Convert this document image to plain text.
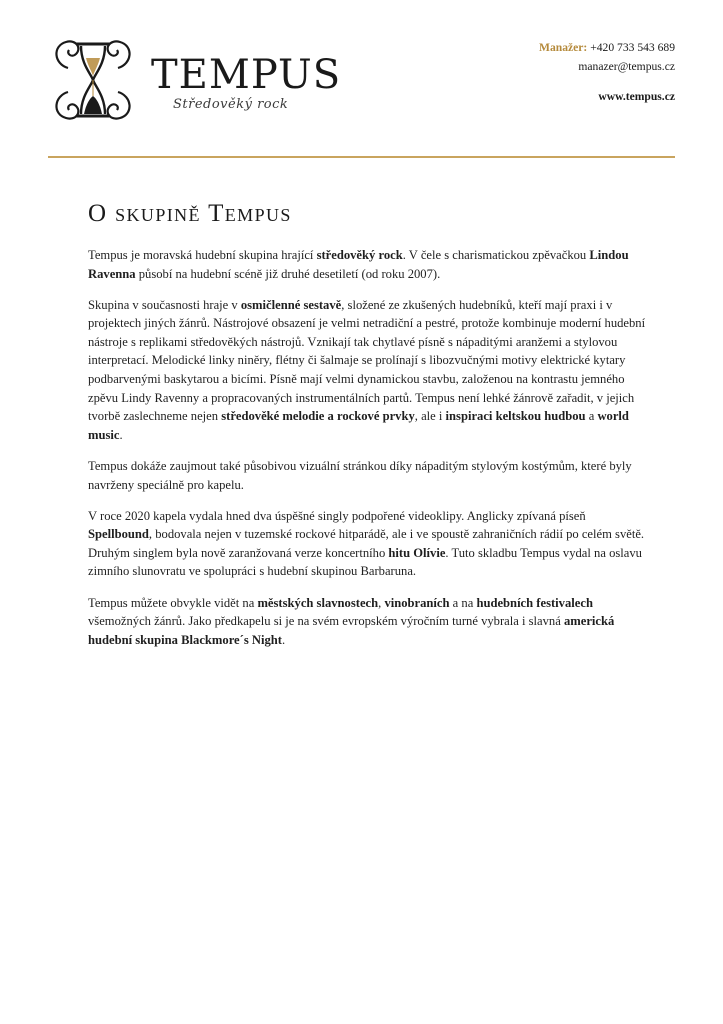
TEMPUS
Středověký rock
Manažer: +420 733 543 689
manazer@tempus.cz
www.tempus.cz
O skupině Tempus

Tempus je moravská hudební skupina hrající středověký rock. V čele s charismatickou zpěvačkou Lindou Ravenna působí na hudební scéně již druhé desetiletí (od roku 2007).

Skupina v současnosti hraje v osmičlenné sestavě, složené ze zkušených hudebníků, kteří mají praxi i v projektech jiných žánrů. Nástrojové obsazení je velmi netradiční a pestré, protože kombinuje moderní hudební nástroje s replikami středověkých nástrojů. Vznikají tak chytlavé písně s nápaditými aranžemi a stylovou interpretací. Melodické linky niněry, flétny či šalmaje se prolínají s libozvučnými motivy elektrické kytary podbarvenými baskytarou a bicími. Písně mají velmi dynamickou stavbu, založenou na kontrastu jemného zpěvu Lindy Ravenny a propracovaných instrumentálních partů. Tempus není lehké žánrově zařadit, v jejich tvorbě zaslechneme nejen středověké melodie a rockové prvky, ale i inspiraci keltskou hudbou a world music.

Tempus dokáže zaujmout také působivou vizuální stránkou díky nápaditým stylovým kostýmům, které byly navrženy speciálně pro kapelu.

V roce 2020 kapela vydala hned dva úspěšné singly podpořené videoklipy. Anglicky zpívaná píseň Spellbound, bodovala nejen v tuzemské rockové hitparádě, ale i ve spoustě zahraničních rádií po celém světě. Druhým singlem byla nově zaranžovaná verze koncertního hitu Olívie. Tuto skladbu Tempus vydal na oslavu zimního slunovratu ve spolupráci s hudební skupinou Barbaruna.

Tempus můžete obvykle vidět na městských slavnostech, vinobraních a na hudebních festivalech všemožných žánrů. Jako předkapelu si je na svém evropském výročním turné vybrala i slavná americká hudební skupina Blackmore´s Night.
